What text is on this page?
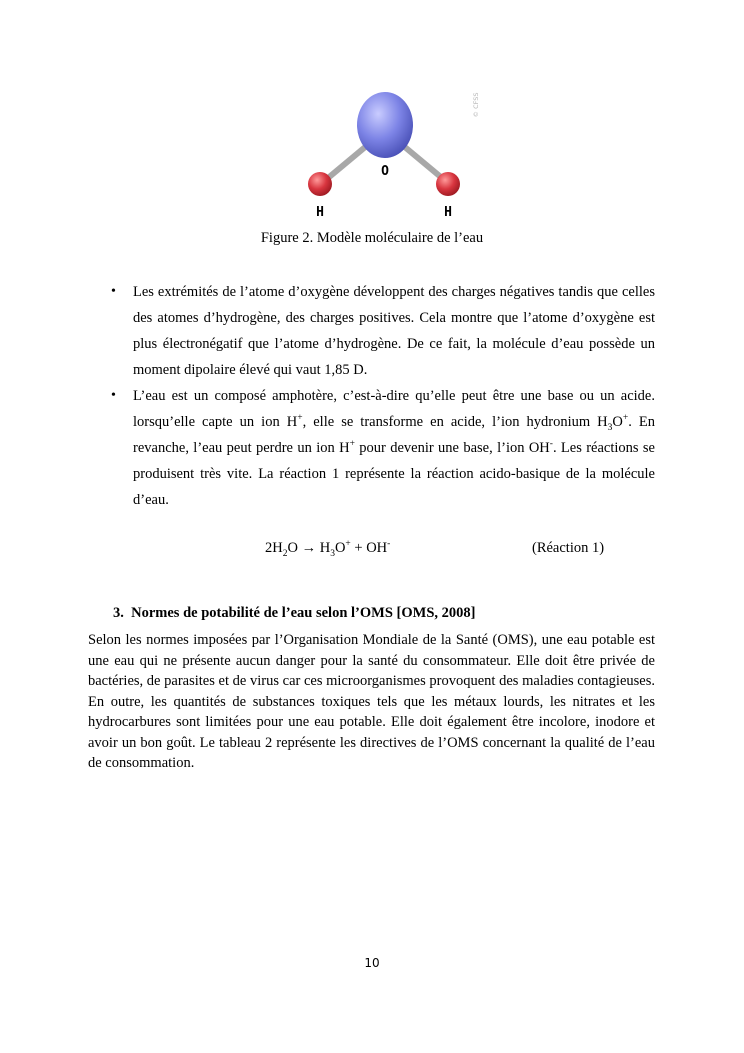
O
H	H
© CFSS
Figure 2. Modèle moléculaire de l’eau
• Les extrémités de l’atome d’oxygène développent des charges négatives tandis que celles des atomes d’hydrogène, des charges positives. Cela montre que l’atome d’oxygène est plus électronégatif que l’atome d’hydrogène. De ce fait, la molécule d’eau possède un moment dipolaire élevé qui vaut 1,85 D.
• L’eau est un composé amphotère, c’est-à-dire qu’elle peut être une base ou un acide. lorsqu’elle capte un ion H+, elle se transforme en acide, l’ion hydronium $H_3O^+$. En revanche, l’eau peut perdre un ion H+ pour devenir une base, l’ion OH-. Les réactions se produisent très vite. La réaction 1 représente la réaction acido-basique de la molécule d’eau.
$2H_2O \to H_3O^+ + OH^-$	(Réaction 1)
3. Normes de potabilité de l’eau selon l’OMS [OMS, 2008]
Selon les normes imposées par l’Organisation Mondiale de la Santé (OMS), une eau potable est une eau qui ne présente aucun danger pour la santé du consommateur. Elle doit être privée de bactéries, de parasites et de virus car ces microorganismes provoquent des maladies contagieuses. En outre, les quantités de substances toxiques tels que les métaux lourds, les nitrates et les hydrocarbures sont limitées pour une eau potable. Elle doit également être incolore, inodore et avoir un bon goût. Le tableau 2 représente les directives de l’OMS concernant la qualité de l’eau de consommation.
10
